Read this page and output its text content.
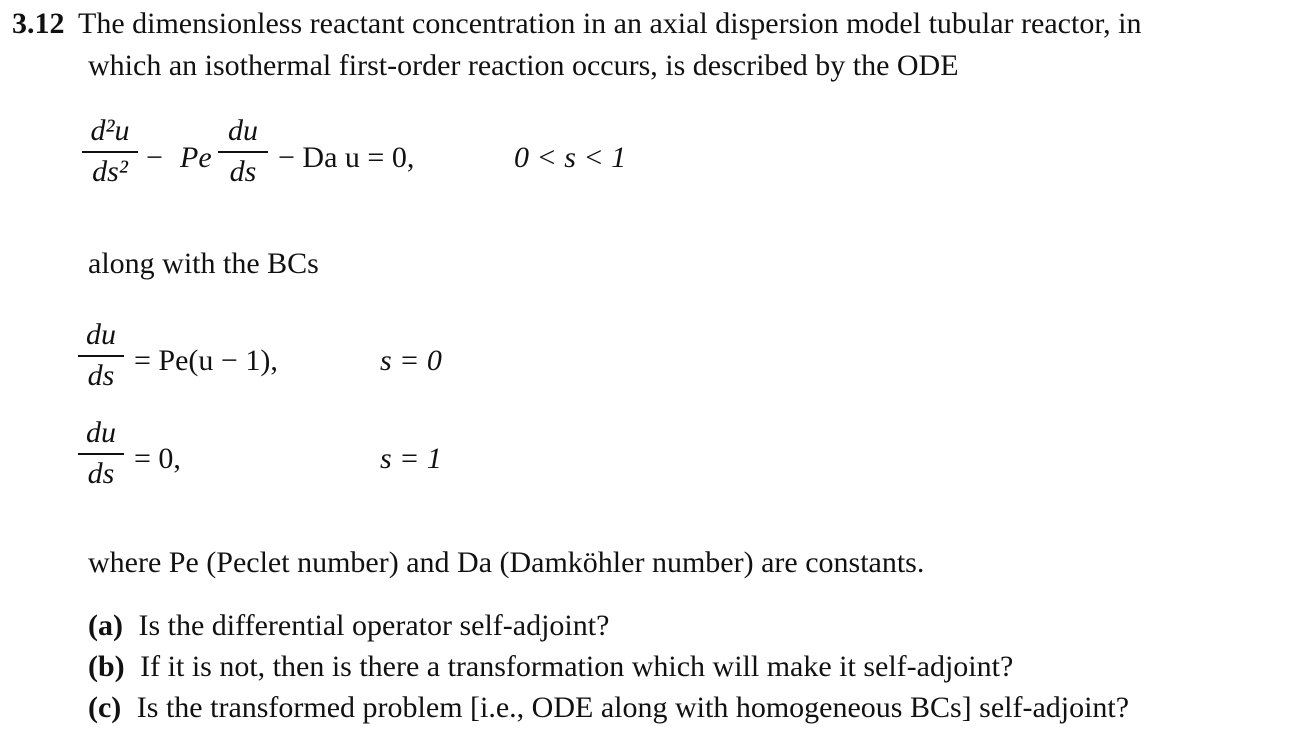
3.12 The dimensionless reactant concentration in an axial dispersion model tubular reactor, in
which an isothermal first-order reaction occurs, is described by the ODE
d²u
ds² − Pe
du
ds − Da u = 0,	0 < s < 1
along with the BCs
du
ds = Pe(u − 1),	s = 0
du
ds = 0,	s = 1
where Pe (Peclet number) and Da (Damköhler number) are constants.
(a) Is the differential operator self-adjoint?
(b) If it is not, then is there a transformation which will make it self-adjoint?
(c) Is the transformed problem [i.e., ODE along with homogeneous BCs] self-adjoint?
